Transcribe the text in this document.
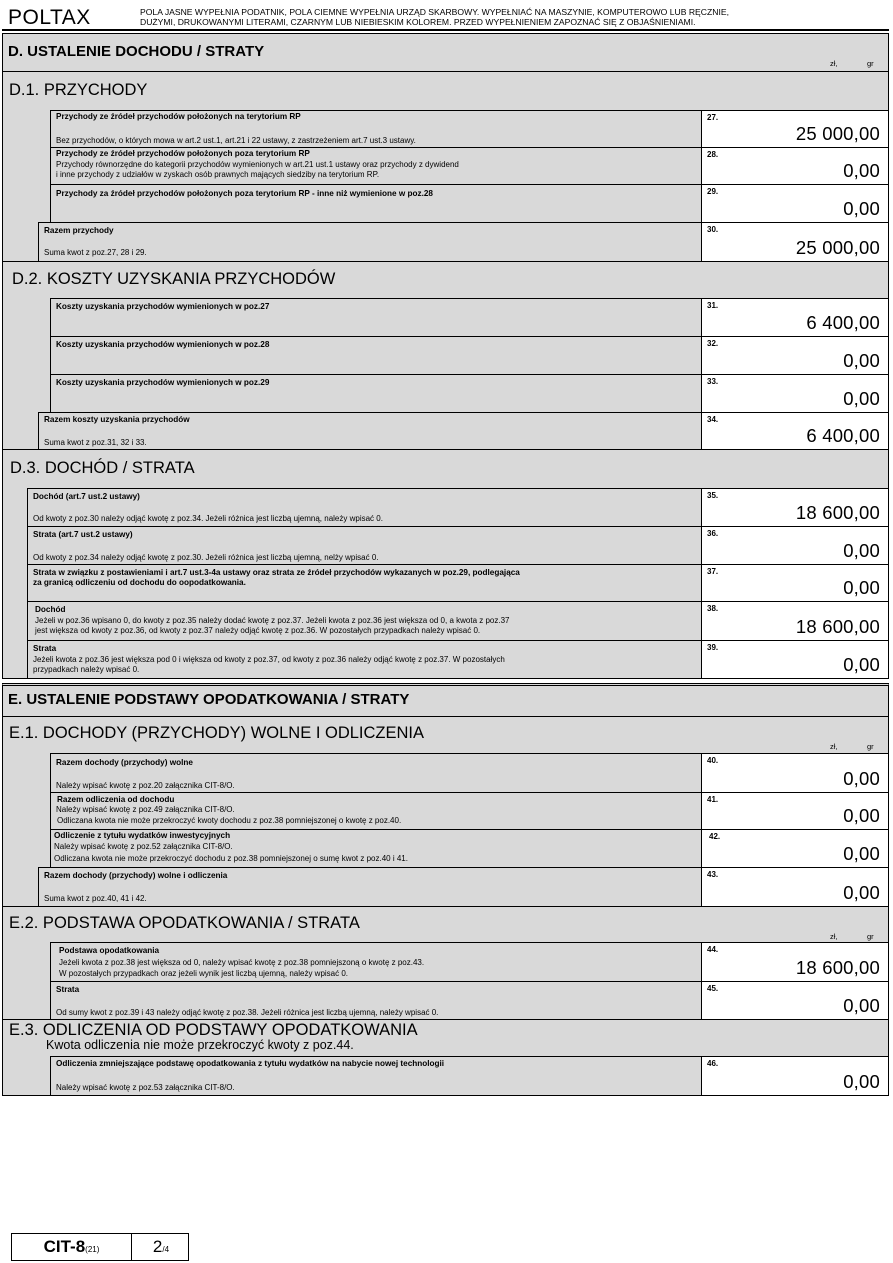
POLTAX	POLA JASNE WYPEŁNIA PODATNIK, POLA CIEMNE WYPEŁNIA URZĄD SKARBOWY. WYPEŁNIAĆ NA MASZYNIE, KOMPUTEROWO LUB RĘCZNIE,
DUŻYMI, DRUKOWANYMI LITERAMI, CZARNYM LUB NIEBIESKIM KOLOREM. PRZED WYPEŁNIENIEM ZAPOZNAĆ SIĘ Z OBJAŚNIENIAMI.
D. USTALENIE DOCHODU / STRATY
zł,	gr
D.1. PRZYCHODY
Przychody ze źródeł przychodów położonych na terytorium RP
Bez przychodów, o których mowa w art.2 ust.1, art.21 i 22 ustawy, z zastrzeżeniem art.7 ust.3 ustawy.
27.
25 000,00
Przychody ze źródeł przychodów położonych poza terytorium RP
Przychody równorzędne do kategorii przychodów wymienionych w art.21 ust.1 ustawy oraz przychody z dywidend
i inne przychody z udziałów w zyskach osób prawnych mających siedziby na terytorium RP.
28.
0,00
Przychody za źródeł przychodów położonych poza terytorium RP - inne niż wymienione w poz.28	29.
0,00
Razem przychody
Suma kwot z poz.27, 28 i 29.
30.
25 000,00
D.2. KOSZTY UZYSKANIA PRZYCHODÓW
Koszty uzyskania przychodów wymienionych w poz.27	31.
6 400,00
Koszty uzyskania przychodów wymienionych w poz.28	32.
0,00
Koszty uzyskania przychodów wymienionych w poz.29	33.
0,00
Razem koszty uzyskania przychodów
Suma kwot z poz.31, 32 i 33.
34.
6 400,00
D.3. DOCHÓD / STRATA
Dochód (art.7 ust.2 ustawy)
Od kwoty z poz.30 należy odjąć kwotę z poz.34. Jeżeli różnica jest liczbą ujemną, należy wpisać 0.
35.
18 600,00
Strata (art.7 ust.2 ustawy)
Od kwoty z poz.34 należy odjąć kwotę z poz.30. Jeżeli różnica jest liczbą ujemną, nelży wpisać 0.
36.
0,00
Strata w związku z postawieniami i art.7 ust.3-4a ustawy oraz strata ze źródeł przychodów wykazanych w poz.29, podlegająca
za granicą odliczeniu od dochodu do oopodatkowania.
37.
0,00
Dochód
Jeżeli w poz.36 wpisano 0, do kwoty z poz.35 należy dodać kwotę z poz.37. Jeżeli kwota z poz.36 jest większa od 0, a kwota z poz.37
jest większa od kwoty z poz.36, od kwoty z poz.37 należy odjąć kwotę z poz.36. W pozostałych przypadkach należy wpisać 0.
38.
18 600,00
Strata
Jeżeli kwota z poz.36 jest większa pod 0 i większa od kwoty z poz.37, od kwoty z poz.36 należy odjąć kwotę z poz.37. W pozostałych
przypadkach należy wpisać 0.
39.
0,00
E. USTALENIE PODSTAWY OPODATKOWANIA / STRATY
E.1. DOCHODY (PRZYCHODY) WOLNE I ODLICZENIA
zł,	gr
Razem dochody (przychody) wolne
Należy wpisać kwotę z poz.20 załącznika CIT-8/O.
40.
0,00
Razem odliczenia od dochodu
Należy wpisać kwotę z poz.49 załącznika CIT-8/O.
Odliczana kwota nie może przekroczyć kwoty dochodu z poz.38 pomniejszonej o kwotę z poz.40.
41.
0,00
Odliczenie z tytułu wydatków inwestycyjnych
Należy wpisać kwotę z poz.52 załącznika CIT-8/O.
Odliczana kwota nie może przekroczyć dochodu z poz.38 pomniejszonej o sumę kwot z poz.40 i 41.
42.
0,00
Razem dochody (przychody) wolne i odliczenia
Suma kwot z poz.40, 41 i 42.
43.
0,00
E.2. PODSTAWA OPODATKOWANIA / STRATA
zł,	gr
Podstawa opodatkowania
Jeżeli kwota z poz.38 jest większa od 0, należy wpisać kwotę z poz.38 pomniejszoną o kwotę z poz.43.
W pozostałych przypadkach oraz jeżeli wynik jest liczbą ujemną, należy wpisać 0.
44.
18 600,00
Strata
Od sumy kwot z poz.39 i 43 należy odjąć kwotę z poz.38. Jeżeli różnica jest liczbą ujemną, należy wpisać 0.
45.
0,00
E.3. ODLICZENIA OD PODSTAWY OPODATKOWANIA
Kwota odliczenia nie może przekroczyć kwoty z poz.44.
Odliczenia zmniejszające podstawę opodatkowania z tytułu wydatków na nabycie nowej technologii
Należy wpisać kwotę z poz.53 załącznika CIT-8/O.
46.
0,00
CIT-8(21)	2/4
